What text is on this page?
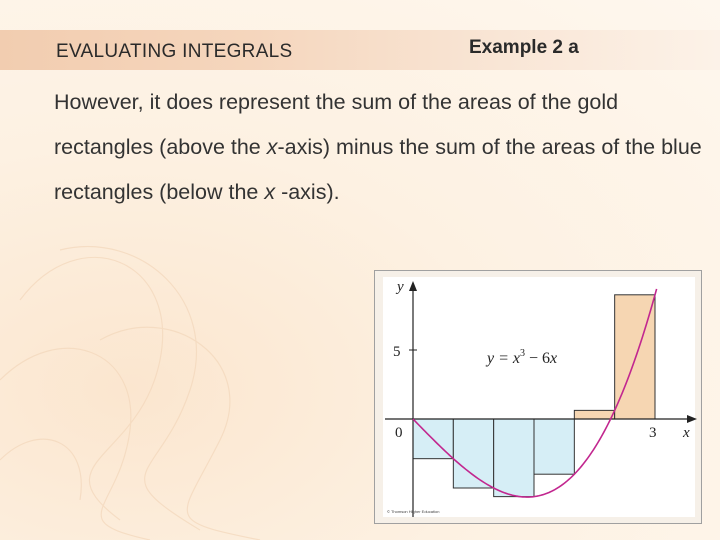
EVALUATING INTEGRALS	Example 2 a
However, it does represent the sum of the areas of the gold rectangles (above the x-axis) minus the sum of the areas of the blue rectangles (below the x -axis).
y
x
5
0	3
$y = x^3 - 6x$
© Thomson Higher Education
